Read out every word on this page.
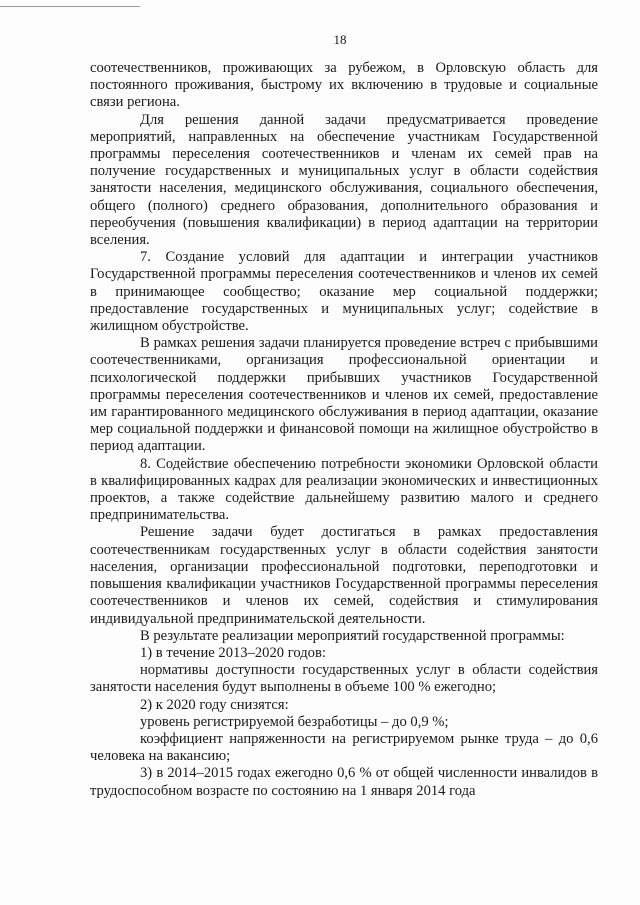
18

соотечественников, проживающих за рубежом, в Орловскую область для постоянного проживания, быстрому их включению в трудовые и социальные связи региона.

Для решения данной задачи предусматривается проведение мероприятий, направленных на обеспечение участникам Государственной программы переселения соотечественников и членам их семей прав на получение государственных и муниципальных услуг в области содействия занятости населения, медицинского обслуживания, социального обеспечения, общего (полного) среднего образования, дополнительного образования и переобучения (повышения квалификации) в период адаптации на территории вселения.

7. Создание условий для адаптации и интеграции участников Государственной программы переселения соотечественников и членов их семей в принимающее сообщество; оказание мер социальной поддержки; предоставление государственных и муниципальных услуг; содействие в жилищном обустройстве.

В рамках решения задачи планируется проведение встреч с прибывшими соотечественниками, организация профессиональной ориентации и психологической поддержки прибывших участников Государственной программы переселения соотечественников и членов их семей, предоставление им гарантированного медицинского обслуживания в период адаптации, оказание мер социальной поддержки и финансовой помощи на жилищное обустройство в период адаптации.

8. Содействие обеспечению потребности экономики Орловской области в квалифицированных кадрах для реализации экономических и инвестиционных проектов, а также содействие дальнейшему развитию малого и среднего предпринимательства.

Решение задачи будет достигаться в рамках предоставления соотечественникам государственных услуг в области содействия занятости населения, организации профессиональной подготовки, переподготовки и повышения квалификации участников Государственной программы переселения соотечественников и членов их семей, содействия и стимулирования индивидуальной предпринимательской деятельности.

В результате реализации мероприятий государственной программы:

1) в течение 2013–2020 годов:

нормативы доступности государственных услуг в области содействия занятости населения будут выполнены в объеме 100 % ежегодно;

2) к 2020 году снизятся:

уровень регистрируемой безработицы – до 0,9 %;

коэффициент напряженности на регистрируемом рынке труда – до 0,6 человека на вакансию;

3) в 2014–2015 годах ежегодно 0,6 % от общей численности инвалидов в трудоспособном возрасте по состоянию на 1 января 2014 года
